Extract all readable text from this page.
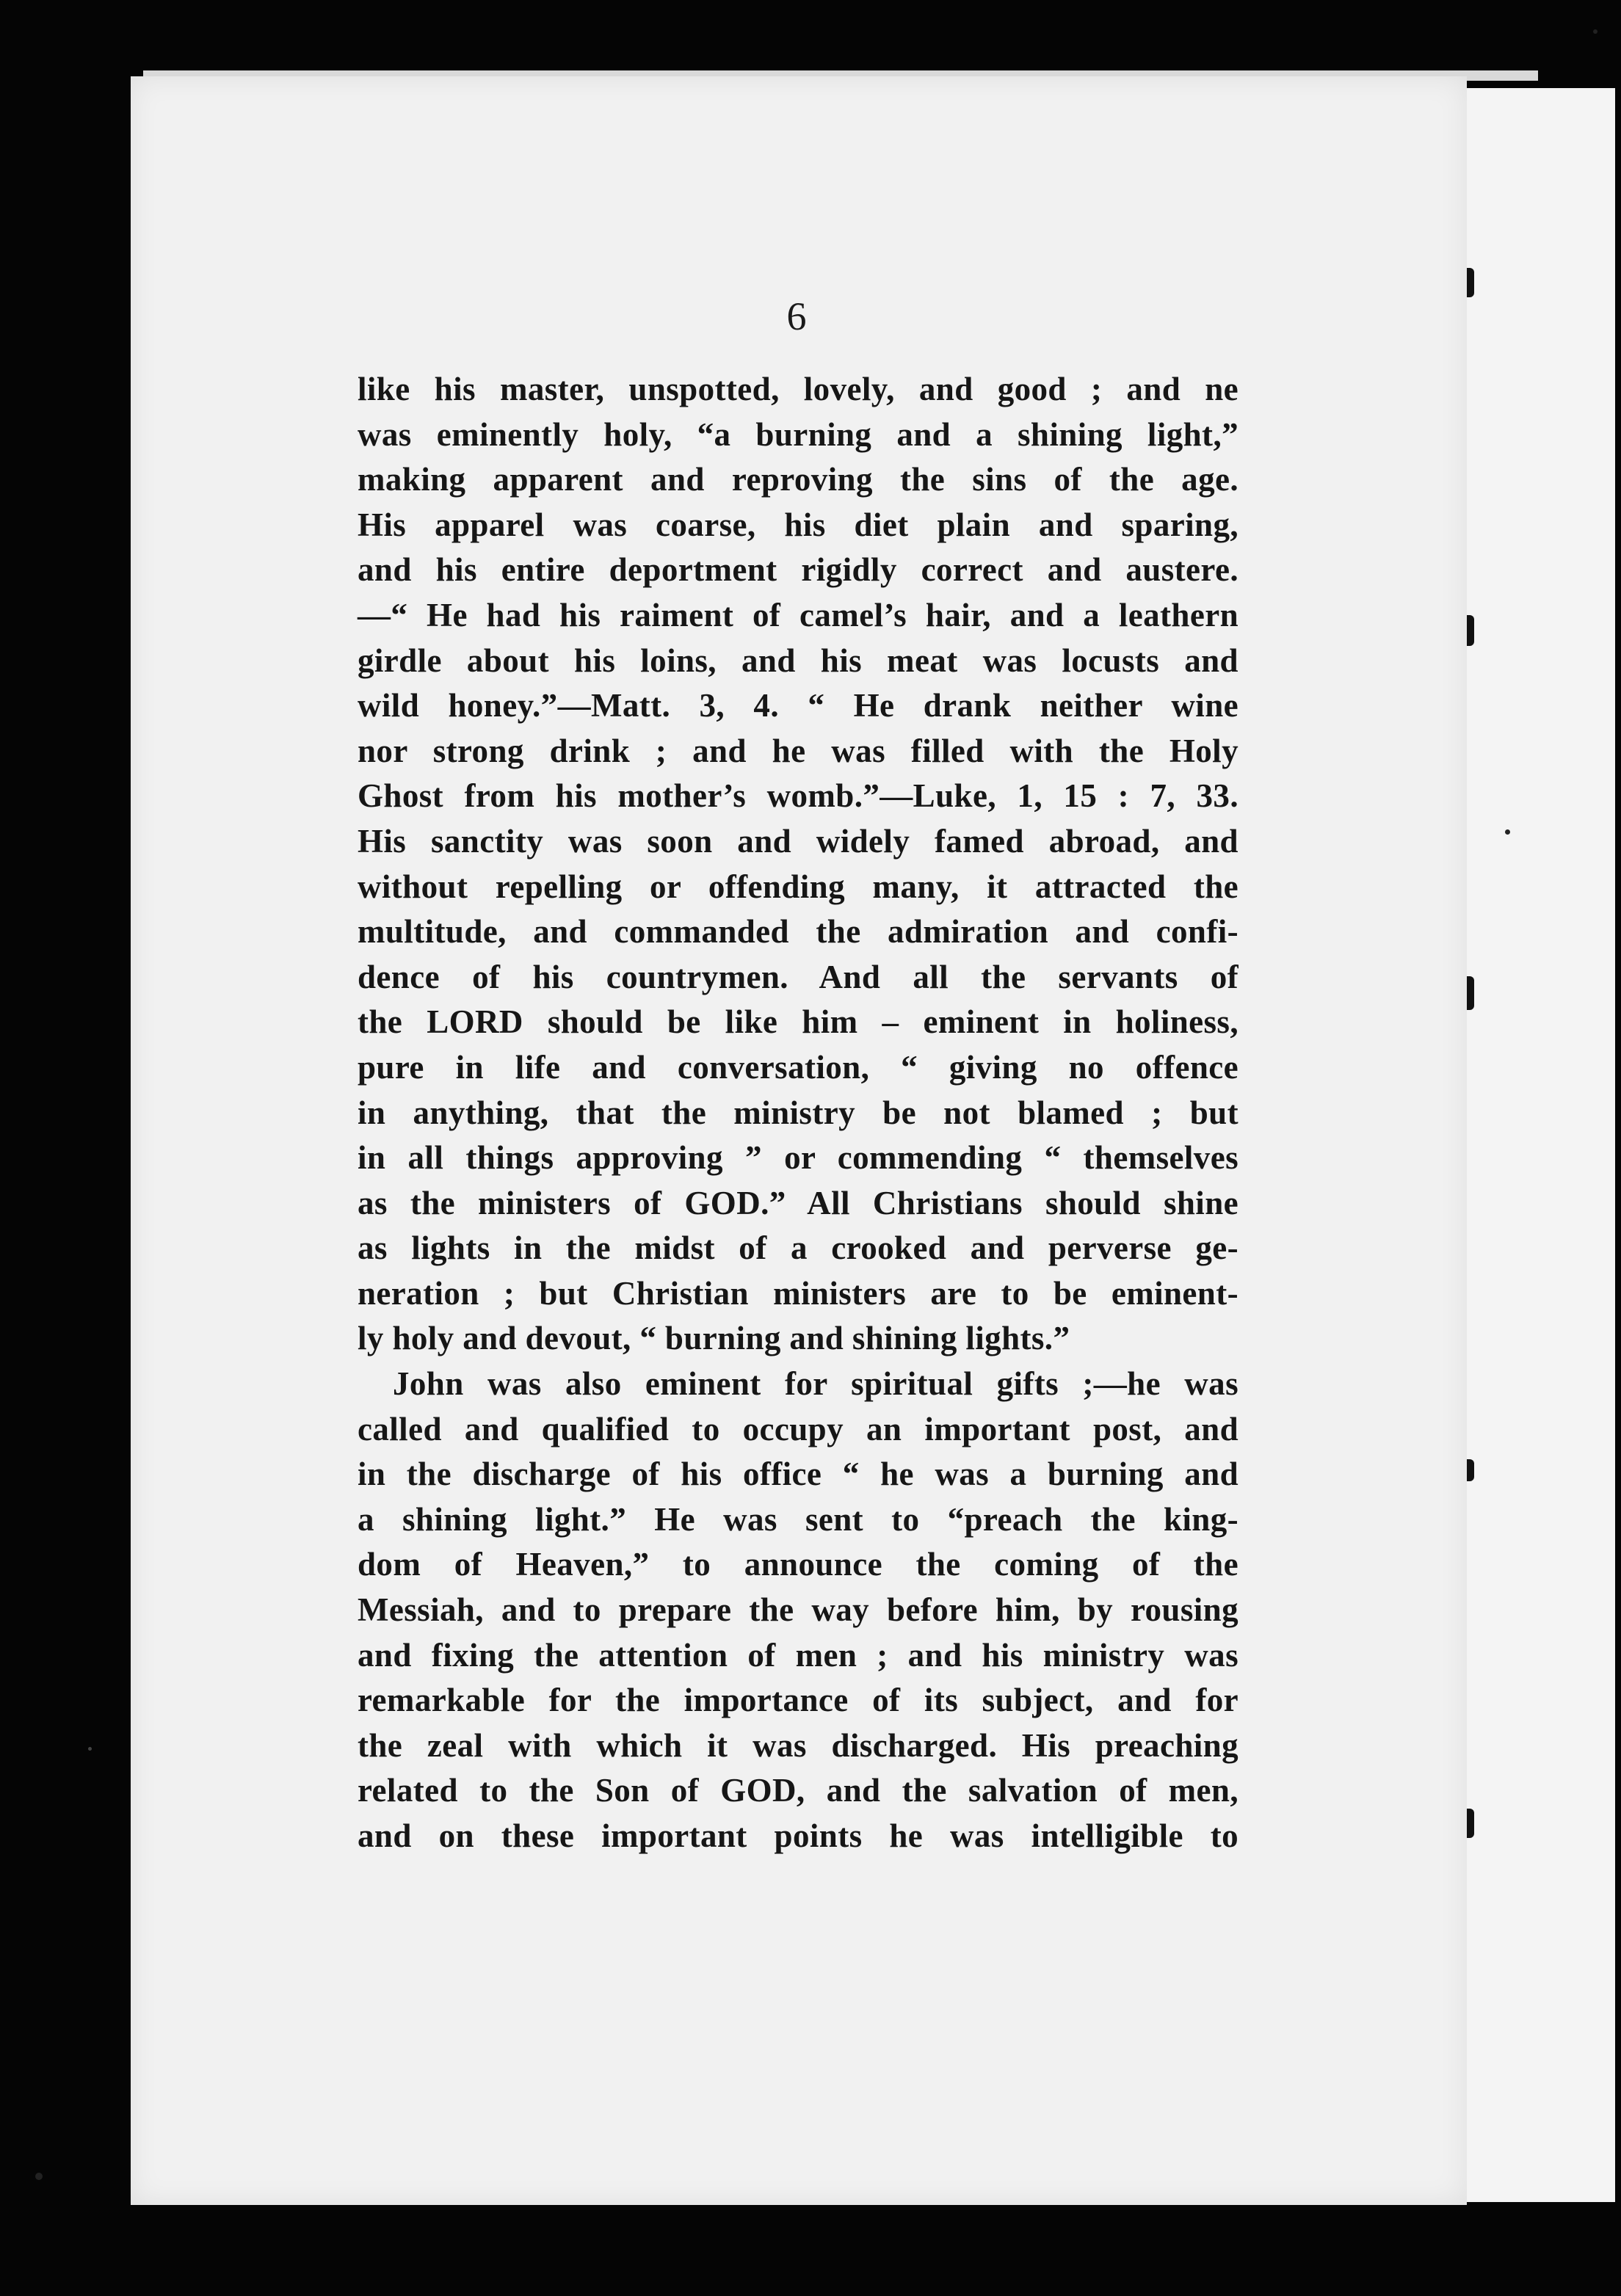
6
like his master, unspotted, lovely, and good ; and ne
was eminently holy, “a burning and a shining light,”
making apparent and reproving the sins of the age.
His apparel was coarse, his diet plain and sparing,
and his entire deportment rigidly correct and austere.
—“ He had his raiment of camel’s hair, and a leathern
girdle about his loins, and his meat was locusts and
wild honey.”—Matt. 3, 4. “ He drank neither wine
nor strong drink ; and he was filled with the Holy
Ghost from his mother’s womb.”—Luke, 1, 15 : 7, 33.
His sanctity was soon and widely famed abroad, and
without repelling or offending many, it attracted the
multitude, and commanded the admiration and confi-
dence of his countrymen. And all the servants of
the LORD should be like him – eminent in holiness,
pure in life and conversation, “ giving no offence
in anything, that the ministry be not blamed ; but
in all things approving ” or commending “ themselves
as the ministers of GOD.” All Christians should shine
as lights in the midst of a crooked and perverse ge-
neration ; but Christian ministers are to be eminent-
ly holy and devout, “ burning and shining lights.”
John was also eminent for spiritual gifts ;—he was
called and qualified to occupy an important post, and
in the discharge of his office “ he was a burning and
a shining light.” He was sent to “preach the king-
dom of Heaven,” to announce the coming of the
Messiah, and to prepare the way before him, by rousing
and fixing the attention of men ; and his ministry was
remarkable for the importance of its subject, and for
the zeal with which it was discharged. His preaching
related to the Son of GOD, and the salvation of men,
and on these important points he was intelligible to
